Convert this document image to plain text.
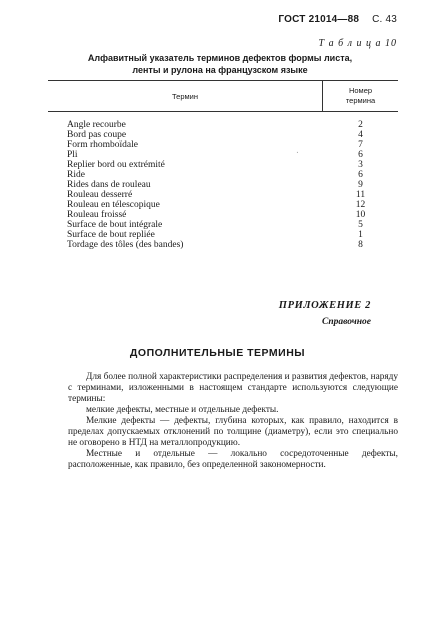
ГОСТ 21014—88 С. 43
Т а б л и ц а 10
Алфавитный указатель терминов дефектов формы листа,
ленты и рулона на французском языке
Термин
Номер
термина
Angle recourbe	2
Bord pas coupe	4
Form rhomboïdale	7
Pli	6
Replier bord ou extrémité	3
Ride	6
Rides dans de rouleau	9
Rouleau desserré	11
Rouleau en télescopique	12
Rouleau froissé	10
Surface de bout intégrale	5
Surface de bout repliée	1
Tordage des tôles (des bandes)	8
ˈ
ПРИЛОЖЕНИЕ 2
Справочное
ДОПОЛНИТЕЛЬНЫЕ ТЕРМИНЫ

Для более полной характеристики распределения и развития дефектов, наряду с терминами, изложенными в настоящем стандарте используются следующие термины:

мелкие дефекты, местные и отдельные дефекты.

Мелкие дефекты — дефекты, глубина которых, как правило, находится в пределах допускаемых отклонений по толщине (диаметру), если это специально не оговорено в НТД на металлопродукцию.

Местные и отдельные — локально сосредоточенные дефекты, расположенные, как правило, без определенной закономерности.
